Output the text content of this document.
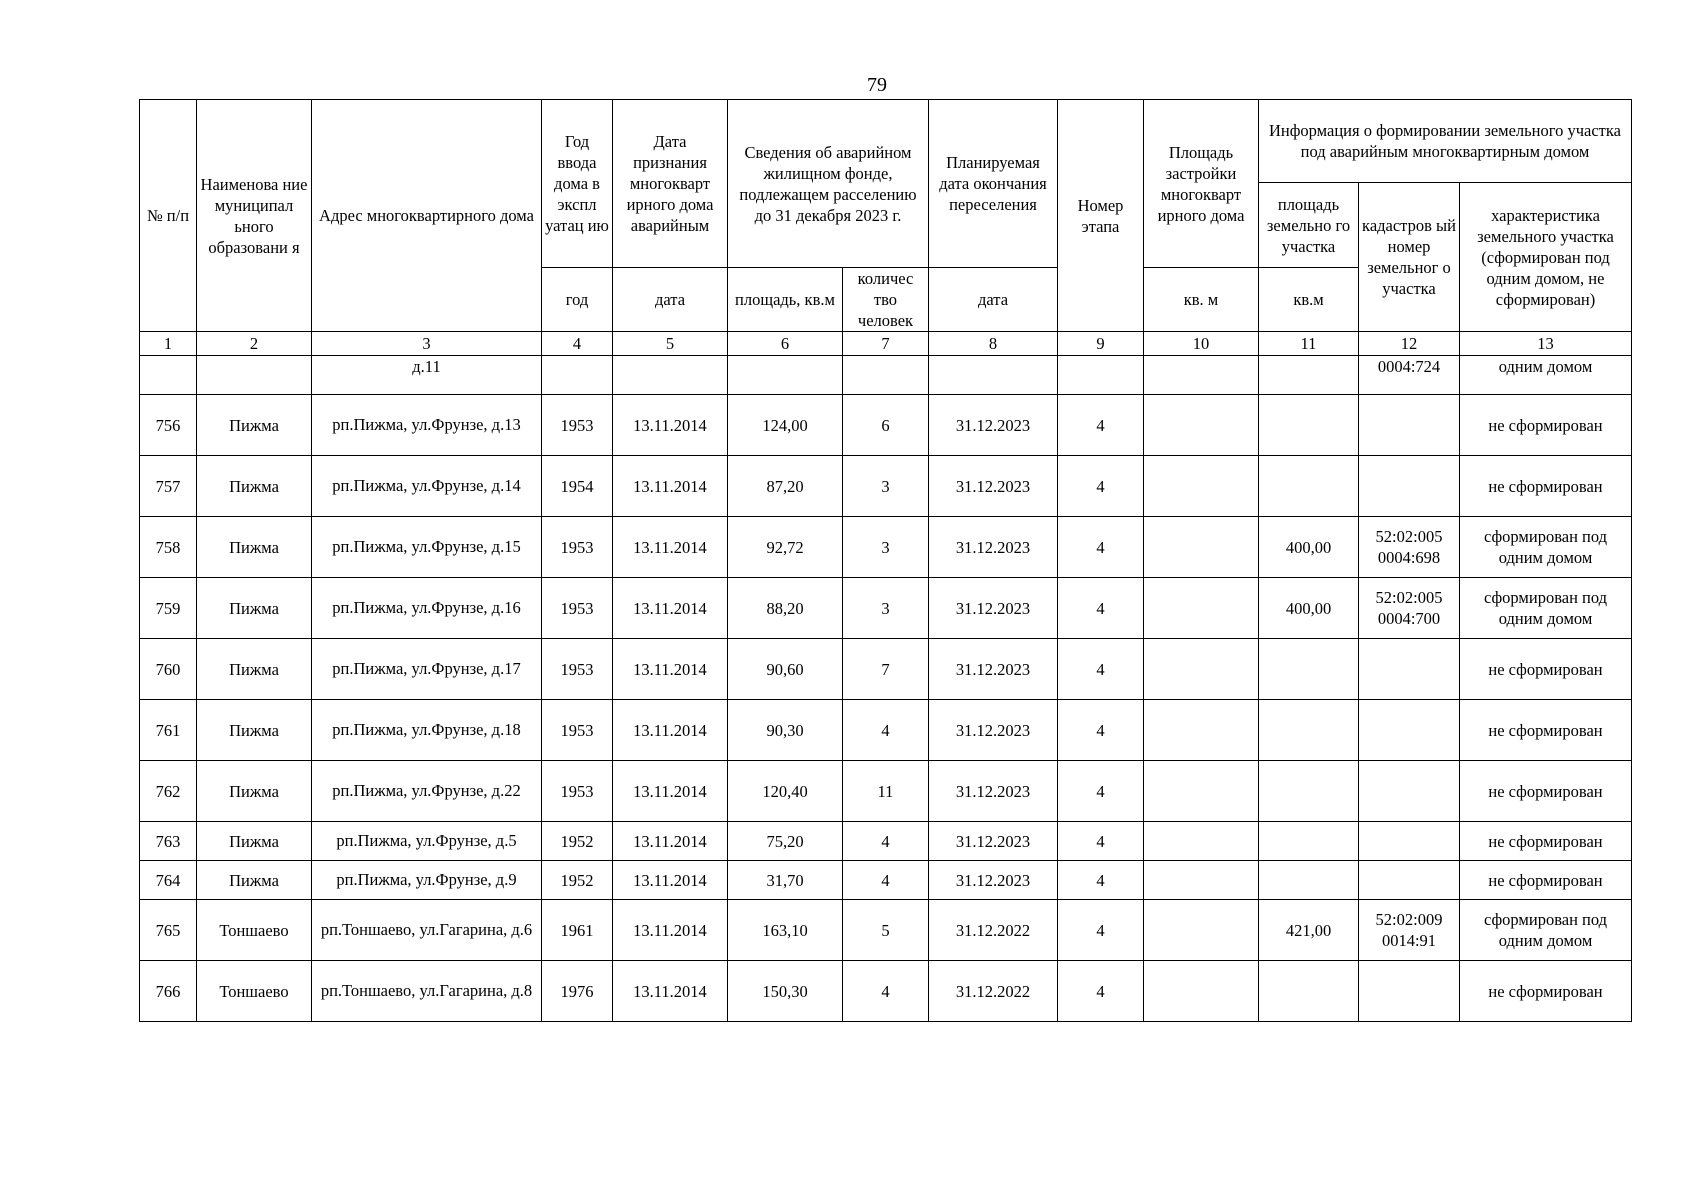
79
№ п/п	Наименова ние муниципал ьного образовани я	Адрес многоквартирного дома	Год ввода дома в экспл уатац ию	Дата признания многокварт ирного дома аварийным	Сведения об аварийном жилищном фонде, подлежащем расселению до 31 декабря 2023 г.		Планируемая дата окончания переселения	Номер этапа	Площадь застройки многокварт ирного дома	Информация о формировании земельного участка под аварийным многоквартирным домом		
										площадь земельно го участка	кадастров ый номер земельног о участка	характеристика земельного участка (сформирован под одним домом, не сформирован)
			год	дата	площадь, кв.м	количес тво человек	дата		кв. м	кв.м		
1	2	3	4	5	6	7	8	9	10	11	12	13
		д.11									0004:724	одним домом
756	Пижма	рп.Пижма, ул.Фрунзе, д.13	1953	13.11.2014	124,00	6	31.12.2023	4				не сформирован
757	Пижма	рп.Пижма, ул.Фрунзе, д.14	1954	13.11.2014	87,20	3	31.12.2023	4				не сформирован
758	Пижма	рп.Пижма, ул.Фрунзе, д.15	1953	13.11.2014	92,72	3	31.12.2023	4		400,00	52:02:005 0004:698	сформирован под одним домом
759	Пижма	рп.Пижма, ул.Фрунзе, д.16	1953	13.11.2014	88,20	3	31.12.2023	4		400,00	52:02:005 0004:700	сформирован под одним домом
760	Пижма	рп.Пижма, ул.Фрунзе, д.17	1953	13.11.2014	90,60	7	31.12.2023	4				не сформирован
761	Пижма	рп.Пижма, ул.Фрунзе, д.18	1953	13.11.2014	90,30	4	31.12.2023	4				не сформирован
762	Пижма	рп.Пижма, ул.Фрунзе, д.22	1953	13.11.2014	120,40	11	31.12.2023	4				не сформирован
763	Пижма	рп.Пижма, ул.Фрунзе, д.5	1952	13.11.2014	75,20	4	31.12.2023	4				не сформирован
764	Пижма	рп.Пижма, ул.Фрунзе, д.9	1952	13.11.2014	31,70	4	31.12.2023	4				не сформирован
765	Тоншаево	рп.Тоншаево, ул.Гагарина, д.6	1961	13.11.2014	163,10	5	31.12.2022	4		421,00	52:02:009 0014:91	сформирован под одним домом
766	Тоншаево	рп.Тоншаево, ул.Гагарина, д.8	1976	13.11.2014	150,30	4	31.12.2022	4				не сформирован
